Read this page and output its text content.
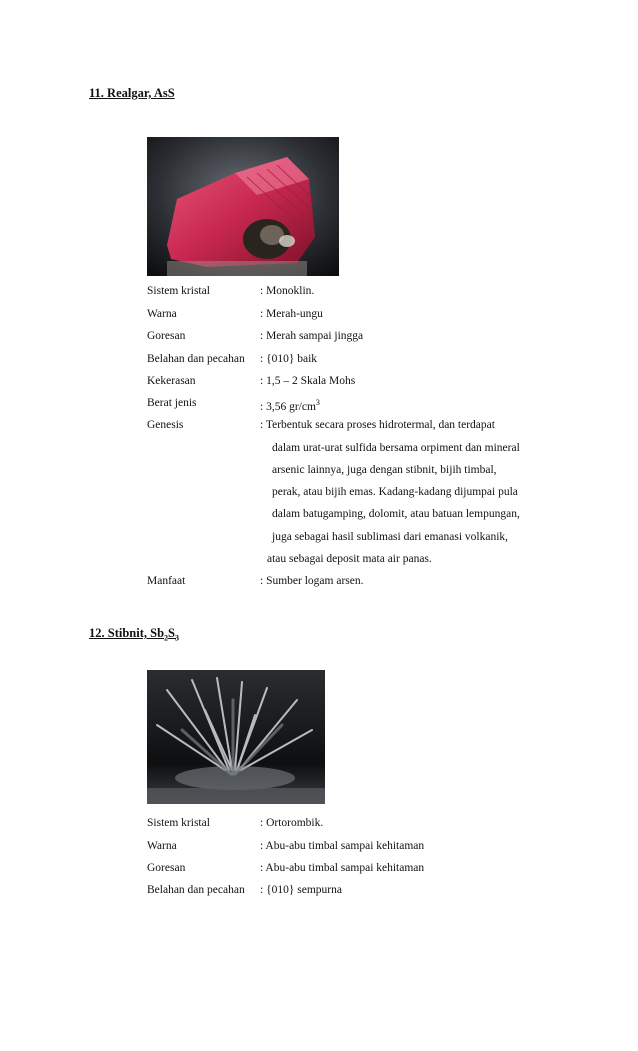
11. Realgar, AsS
Sistem kristal	: Monoklin.
Warna	: Merah-ungu
Goresan	: Merah sampai jingga
Belahan dan pecahan : {010} baik
Kekerasan	: 1,5 – 2 Skala Mohs
Berat jenis	: 3,56 $gr/cm^3$
Genesis	: Terbentuk secara proses hidrotermal, dan terdapat
dalam urat-urat sulfida bersama orpiment dan mineral
arsenic lainnya, juga dengan stibnit, bijih timbal,
perak, atau bijih emas. Kadang-kadang dijumpai pula
dalam batugamping, dolomit, atau batuan lempungan,
juga sebagai hasil sublimasi dari emanasi volkanik,
atau sebagai deposit mata air panas.
Manfaat	: Sumber logam arsen.
12. Stibnit, $Sb_2S_3$
Sistem kristal	: Ortorombik.
Warna	: Abu-abu timbal sampai kehitaman
Goresan	: Abu-abu timbal sampai kehitaman
Belahan dan pecahan : {010} sempurna
